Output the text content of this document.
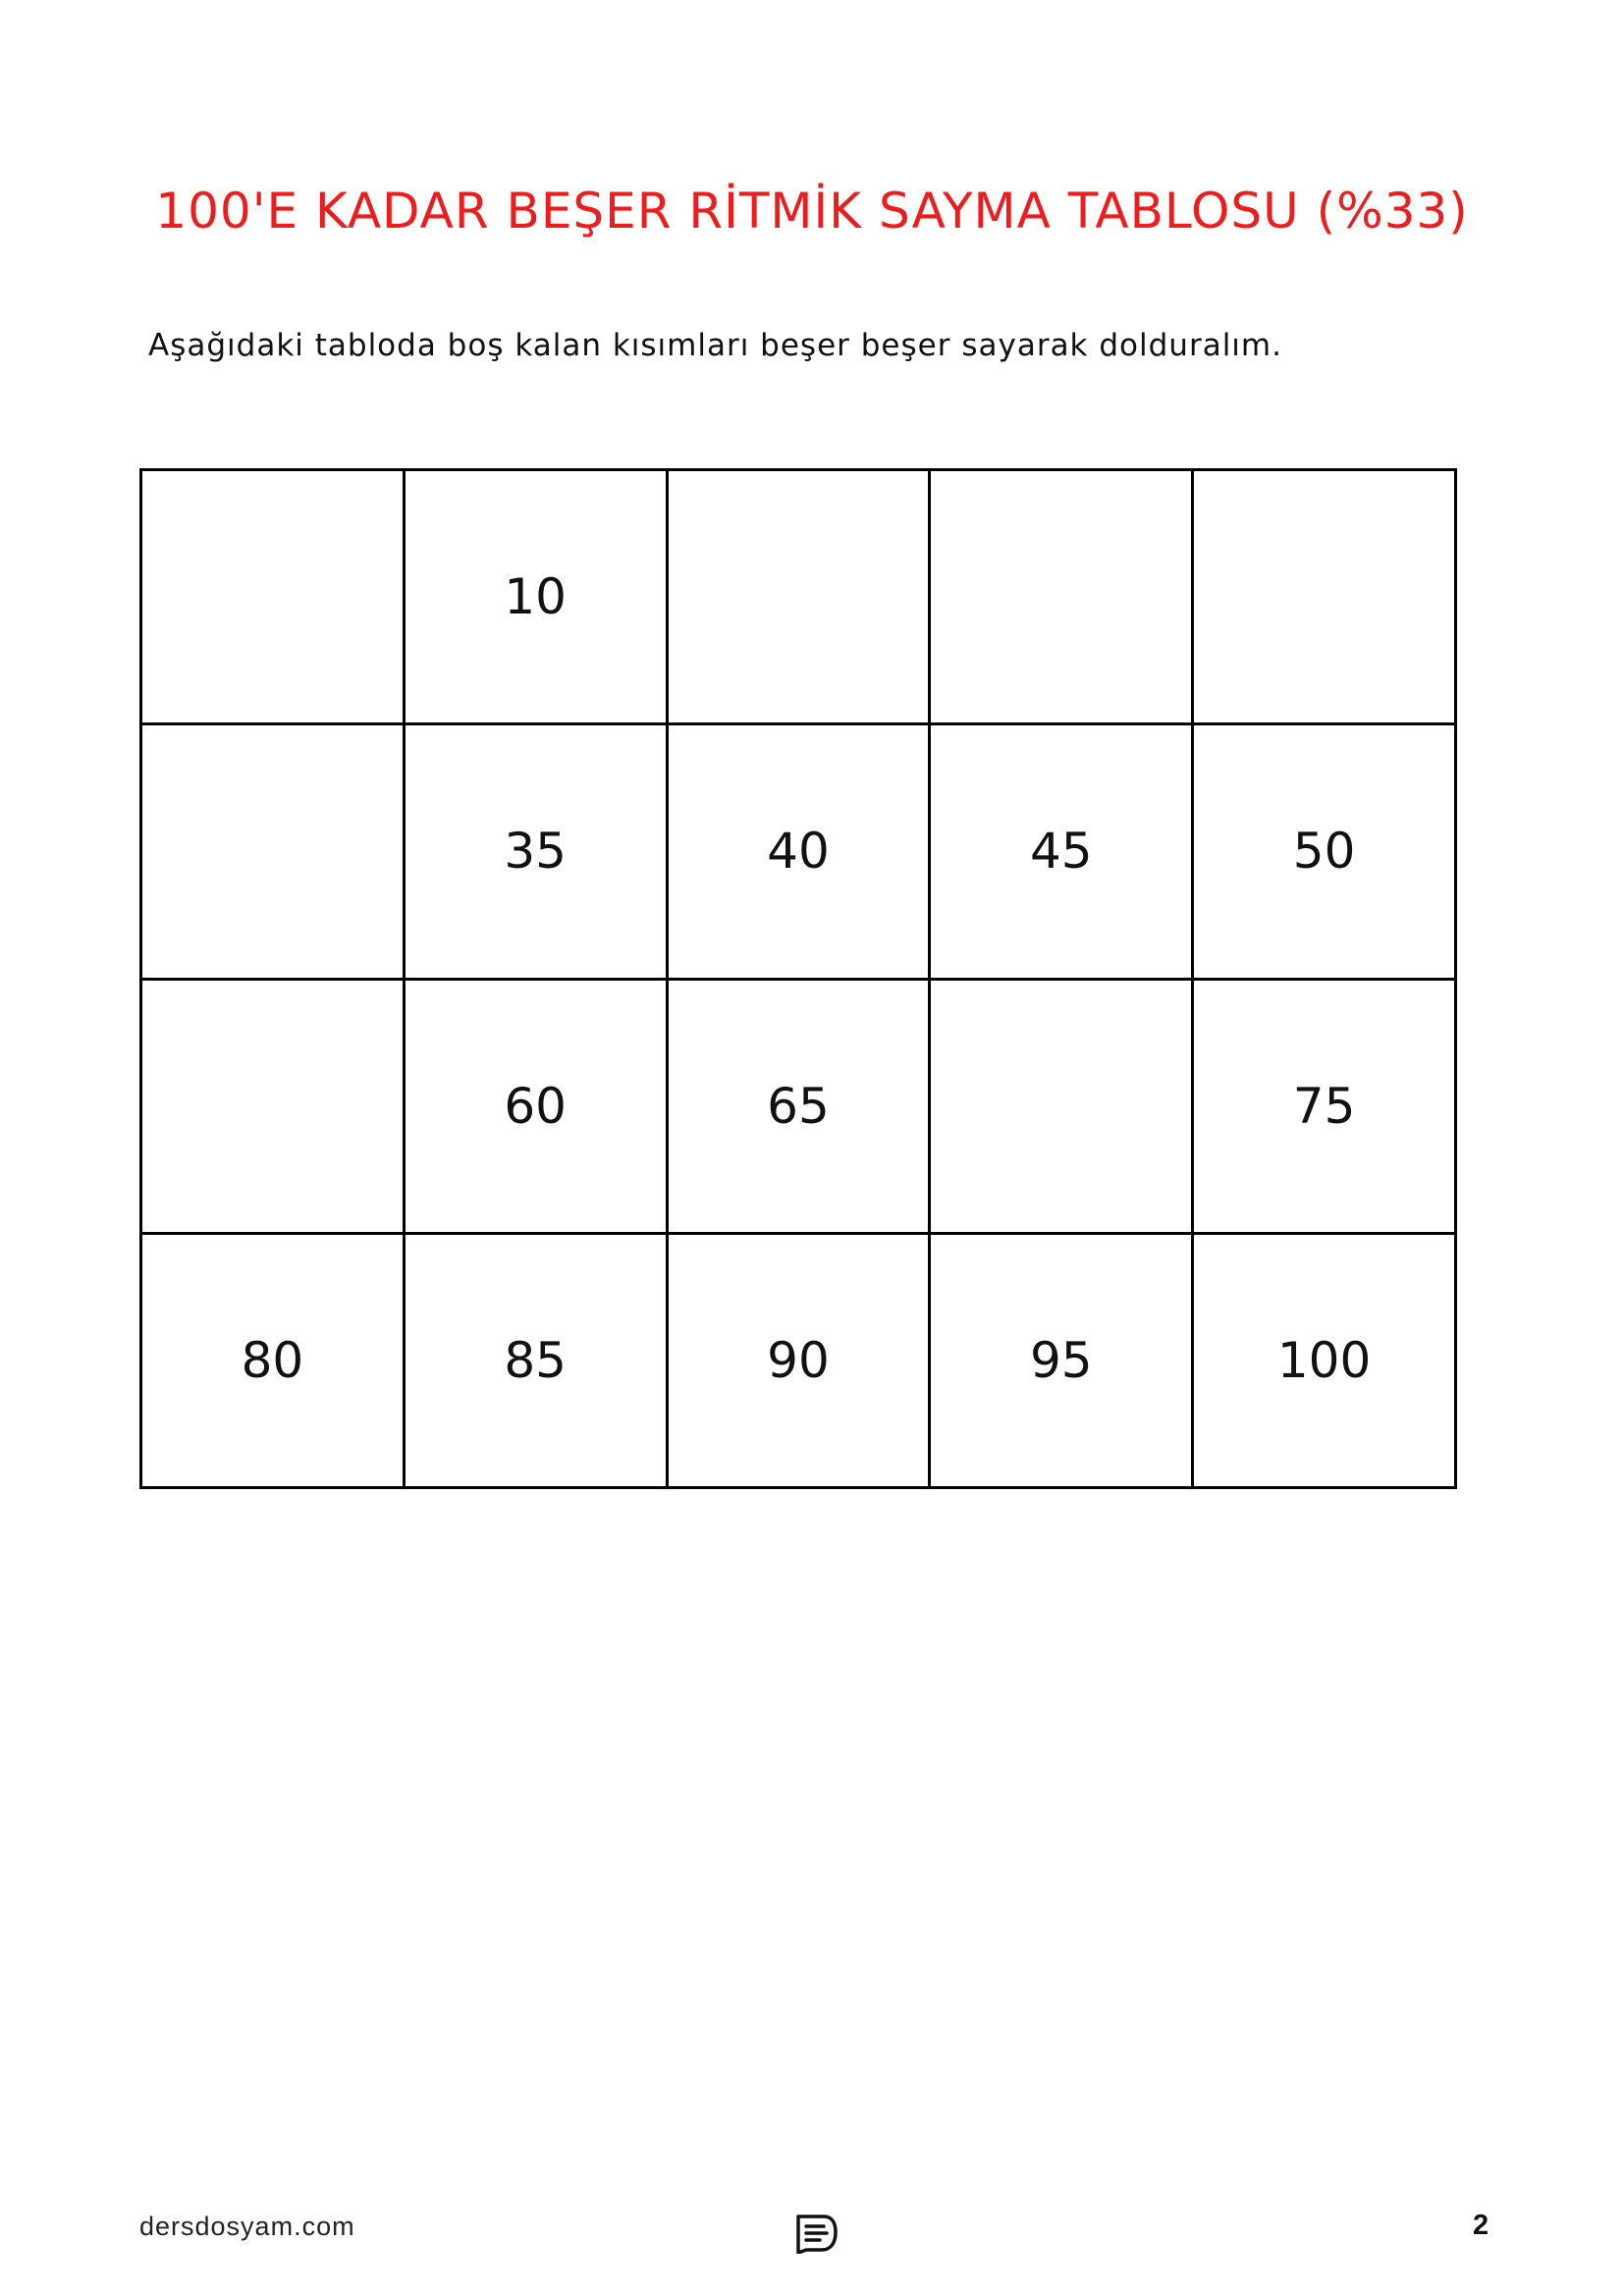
100'E KADAR BEŞER RİTMİK SAYMA TABLOSU (%33)
Aşağıdaki tabloda boş kalan kısımları beşer beşer sayarak dolduralım.
	10			
	35	40	45	50
	60	65		75
80	85	90	95	100
dersdosyam.com	2
